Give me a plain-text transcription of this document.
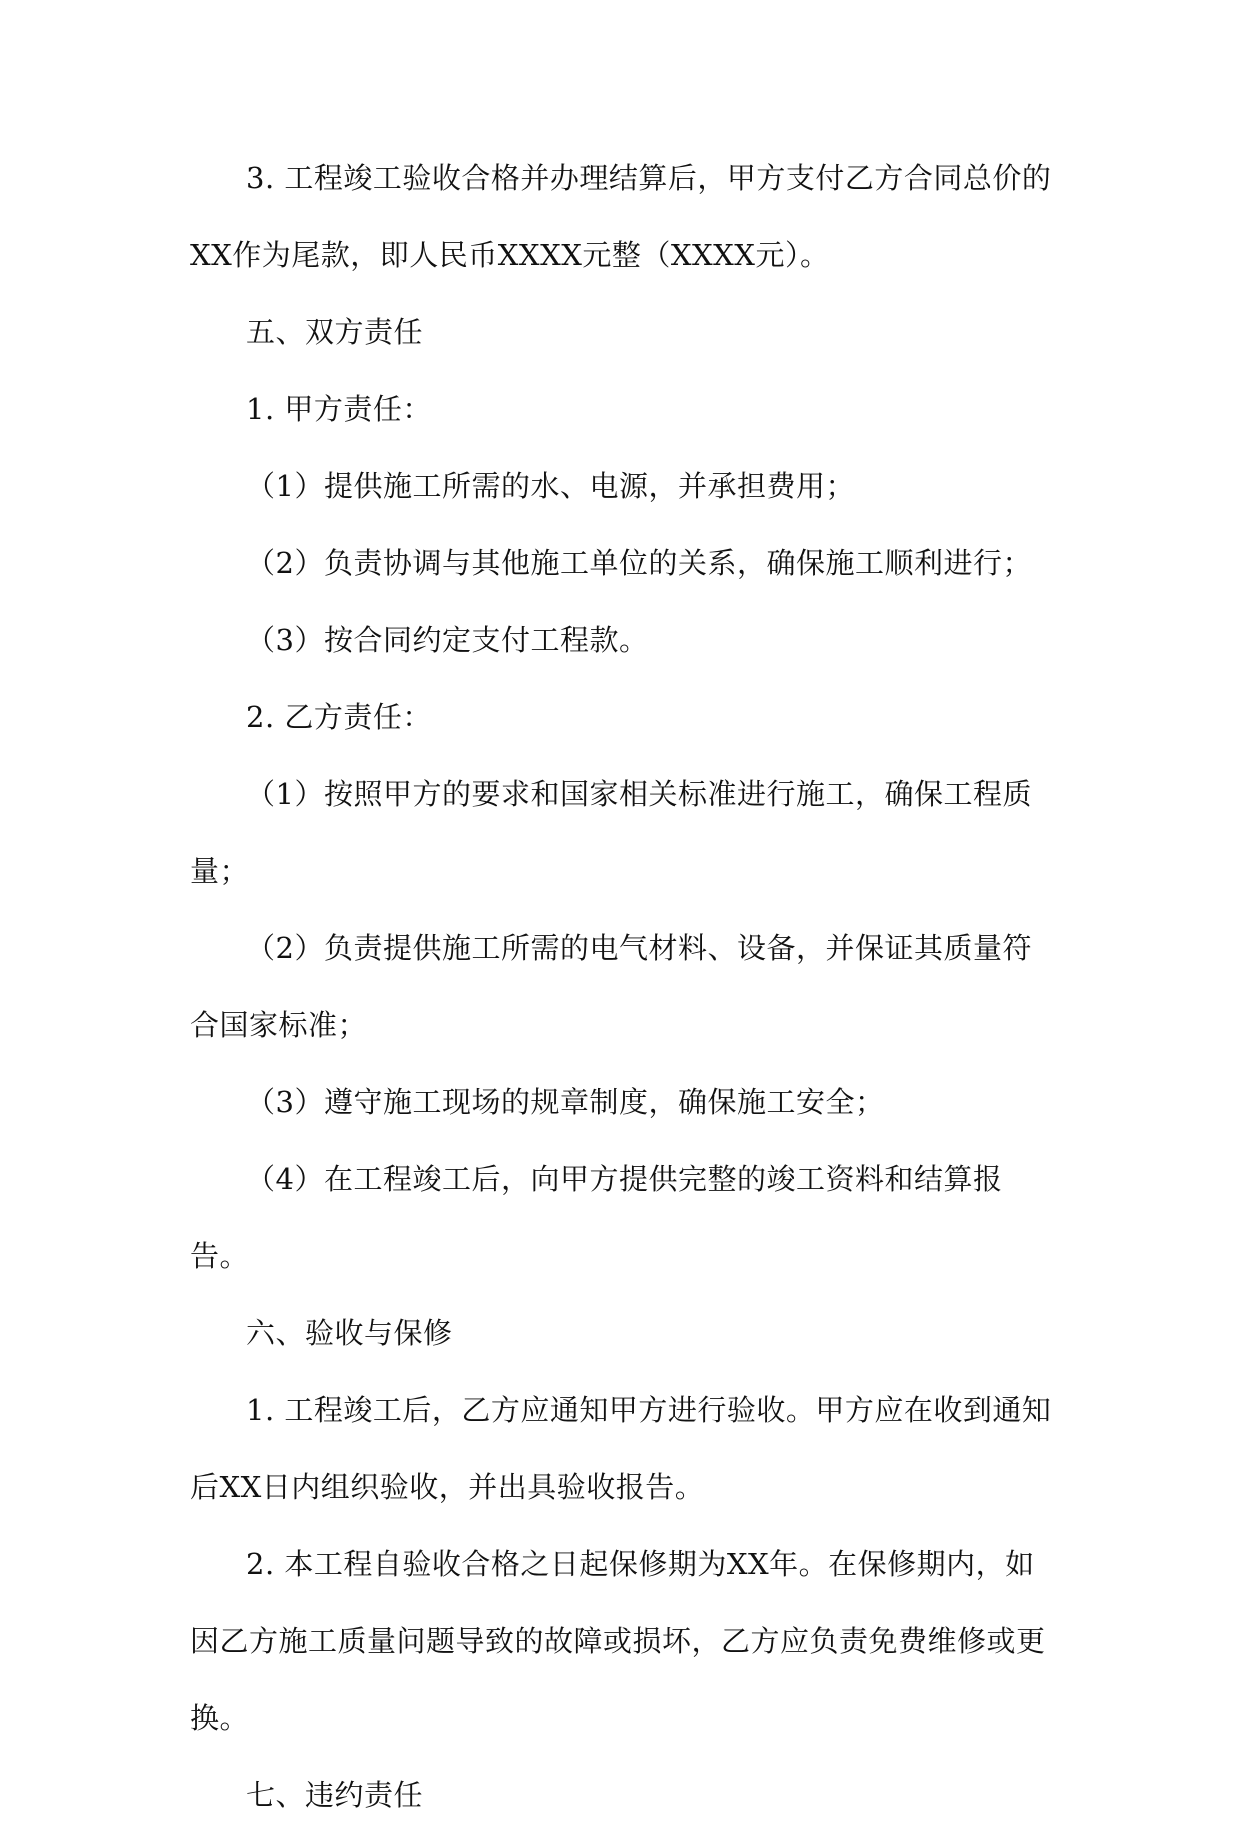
3. 工程竣工验收合格并办理结算后，甲方支付乙方合同总价的XX作为尾款，即人民币XXXX元整（XXXX元）。

五、双方责任

1. 甲方责任：

（1）提供施工所需的水、电源，并承担费用；

（2）负责协调与其他施工单位的关系，确保施工顺利进行；

（3）按合同约定支付工程款。

2. 乙方责任：

（1）按照甲方的要求和国家相关标准进行施工，确保工程质量；

（2）负责提供施工所需的电气材料、设备，并保证其质量符合国家标准；

（3）遵守施工现场的规章制度，确保施工安全；

（4）在工程竣工后，向甲方提供完整的竣工资料和结算报告。

六、验收与保修

1. 工程竣工后，乙方应通知甲方进行验收。甲方应在收到通知后XX日内组织验收，并出具验收报告。

2. 本工程自验收合格之日起保修期为XX年。在保修期内，如因乙方施工质量问题导致的故障或损坏，乙方应负责免费维修或更换。

七、违约责任
